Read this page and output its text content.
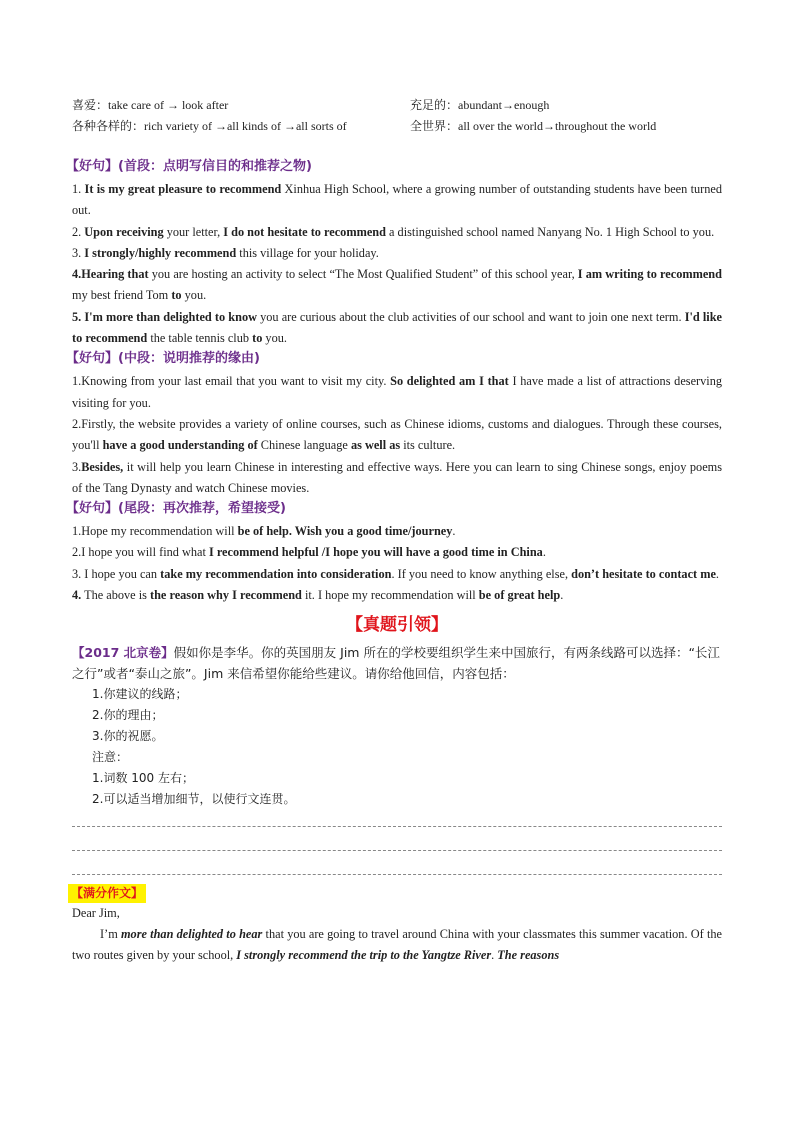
喜爱：take care of → look after
各种各样的：rich variety of →all kinds of →all sorts of
充足的：abundant→enough
全世界：all over the world→throughout the world
【好句】(首段：点明写信目的和推荐之物)

1. It is my great pleasure to recommend Xinhua High School, where a growing number of outstanding students have been turned out.

2. Upon receiving your letter, I do not hesitate to recommend a distinguished school named Nanyang No. 1 High School to you.

3. I strongly/highly recommend this village for your holiday.

4.Hearing that you are hosting an activity to select “The Most Qualified Student” of this school year, I am writing to recommend my best friend Tom to you.

5. I'm more than delighted to know you are curious about the club activities of our school and want to join one next term. I'd like to recommend the table tennis club to you.

【好句】(中段：说明推荐的缘由)

1.Knowing from your last email that you want to visit my city. So delighted am I that I have made a list of attractions deserving visiting for you.

2.Firstly, the website provides a variety of online courses, such as Chinese idioms, customs and dialogues. Through these courses, you'll have a good understanding of Chinese language as well as its culture.

3.Besides, it will help you learn Chinese in interesting and effective ways. Here you can learn to sing Chinese songs, enjoy poems of the Tang Dynasty and watch Chinese movies.

【好句】(尾段：再次推荐，希望接受)

1.Hope my recommendation will be of help. Wish you a good time/journey.

2.I hope you will find what I recommend helpful /I hope you will have a good time in China.

3. I hope you can take my recommendation into consideration. If you need to know anything else, don’t hesitate to contact me.

4. The above is the reason why I recommend it. I hope my recommendation will be of great help.

【真题引领】

【2017 北京卷】假如你是李华。你的英国朋友 Jim 所在的学校要组织学生来中国旅行，有两条线路可以选择：“长江之行”或者“泰山之旅”。Jim 来信希望你能给些建议。请你给他回信，内容包括：

1.你建议的线路；
2.你的理由；
3.你的祝愿。
注意：
1.词数 100 左右；
2.可以适当增加细节，以使行文连贯。
【满分作文】

Dear Jim,

I’m more than delighted to hear that you are going to travel around China with your classmates this summer vacation. Of the two routes given by your school, I strongly recommend the trip to the Yangtze River. The reasons
